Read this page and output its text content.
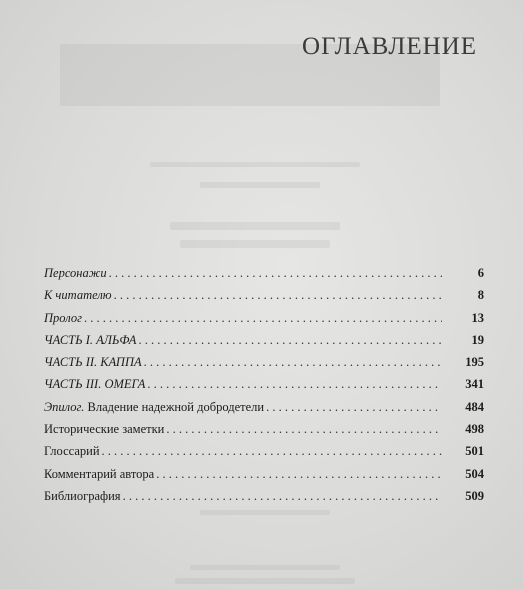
ОГЛАВЛЕНИЕ
Персонажи . . .	6
К читателю . . .	8
Пролог . . .	13
ЧАСТЬ I. АЛЬФА . . .	19
ЧАСТЬ II. КАППА . . .	195
ЧАСТЬ III. ОМЕГА . . .	341
Эпилог. Владение надежной добродетели . . .	484
Исторические заметки . . .	498
Глоссарий . . .	501
Комментарий автора . . .	504
Библиография . . .	509
